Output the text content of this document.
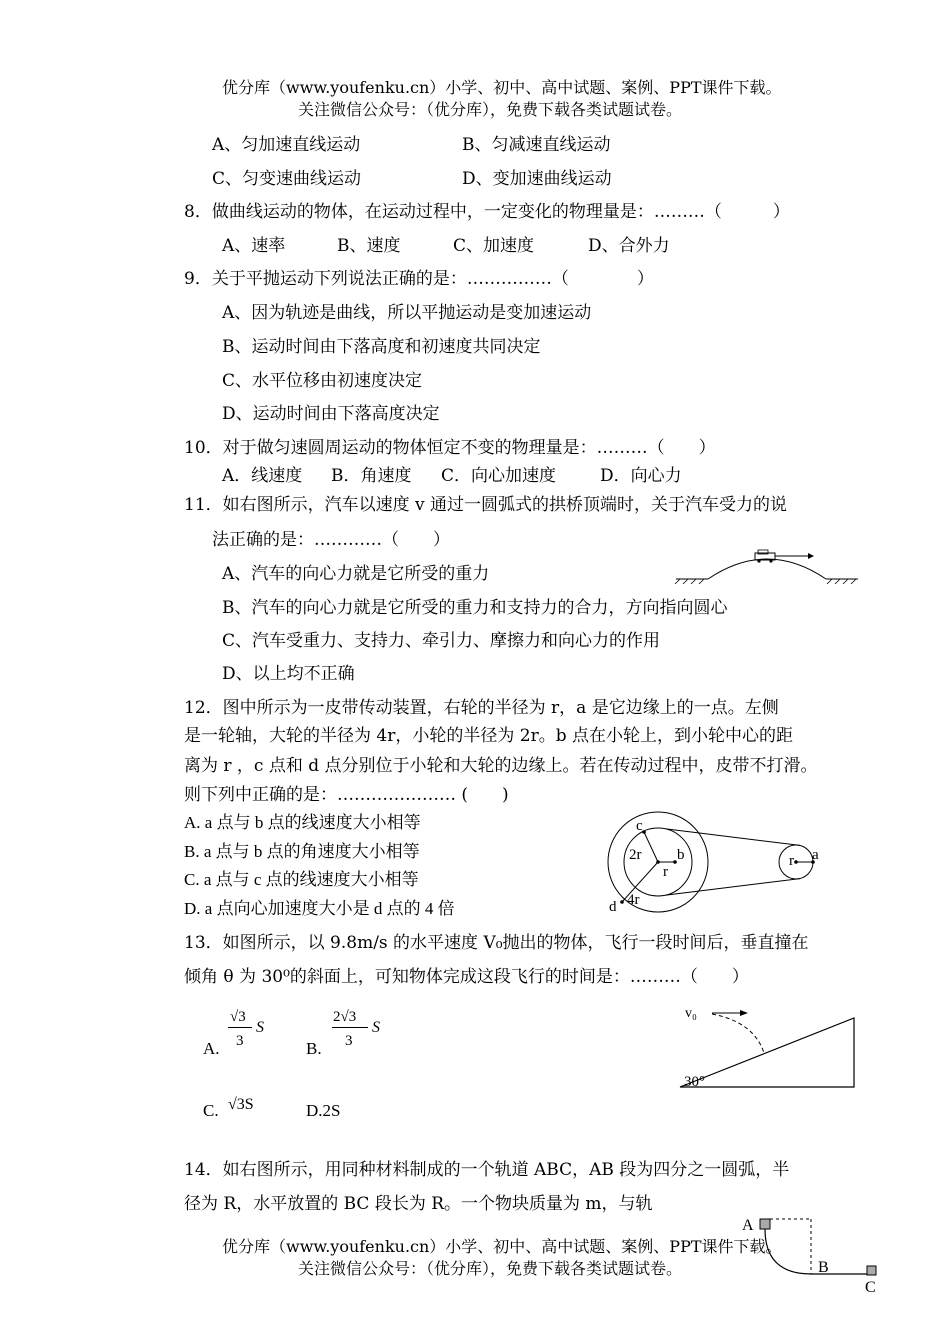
优分库（www.youfenku.cn）小学、初中、高中试题、案例、PPT课件下载。
关注微信公众号：（优分库），免费下载各类试题试卷。
A、匀加速直线运动	B、匀减速直线运动
C、匀变速曲线运动	D、变加速曲线运动
8．做曲线运动的物体，在运动过程中，一定变化的物理量是：………（　　　）
A、速率	B、速度	C、加速度	D、合外力
9．关于平抛运动下列说法正确的是：……………（　　　　）
A、因为轨迹是曲线，所以平抛运动是变加速运动
B、运动时间由下落高度和初速度共同决定
C、水平位移由初速度决定
D、运动时间由下落高度决定
10．对于做匀速圆周运动的物体恒定不变的物理量是：………（　　）
A．线速度 B．角速度 C．向心加速度	D．向心力
11．如右图所示，汽车以速度 v 通过一圆弧式的拱桥顶端时，关于汽车受力的说
法正确的是：…………（　　）
A、汽车的向心力就是它所受的重力
B、汽车的向心力就是它所受的重力和支持力的合力，方向指向圆心
C、汽车受重力、支持力、牵引力、摩擦力和向心力的作用
D、以上均不正确
12．图中所示为一皮带传动装置，右轮的半径为 r，a 是它边缘上的一点。左侧
是一轮轴，大轮的半径为 4r，小轮的半径为 2r。b 点在小轮上，到小轮中心的距
离为 r ，c 点和 d 点分别位于小轮和大轮的边缘上。若在传动过程中，皮带不打滑。
则下列中正确的是：………………… (　　)
A. a 点与 b 点的线速度大小相等
B. a 点与 b 点的角速度大小相等
C. a 点与 c 点的线速度大小相等
D. a 点向心加速度大小是 d 点的 4 倍
c
2r b
r
r a
d 4r
13．如图所示，以 9.8m/s 的水平速度 V₀抛出的物体，飞行一段时间后，垂直撞在
倾角 θ 为 30⁰的斜面上，可知物体完成这段飞行的时间是：………（　　）
A.
√3
3
S
B.
2√3
3
S
C. √3S	D.2S
v₀
30°
14．如右图所示，用同种材料制成的一个轨道 ABC，AB 段为四分之一圆弧，半
径为 R，水平放置的 BC 段长为 R。一个物块质量为 m，与轨
优分库（www.youfenku.cn）小学、初中、高中试题、案例、PPT课件下载。
关注微信公众号：（优分库），免费下载各类试题试卷。
A
B
C
